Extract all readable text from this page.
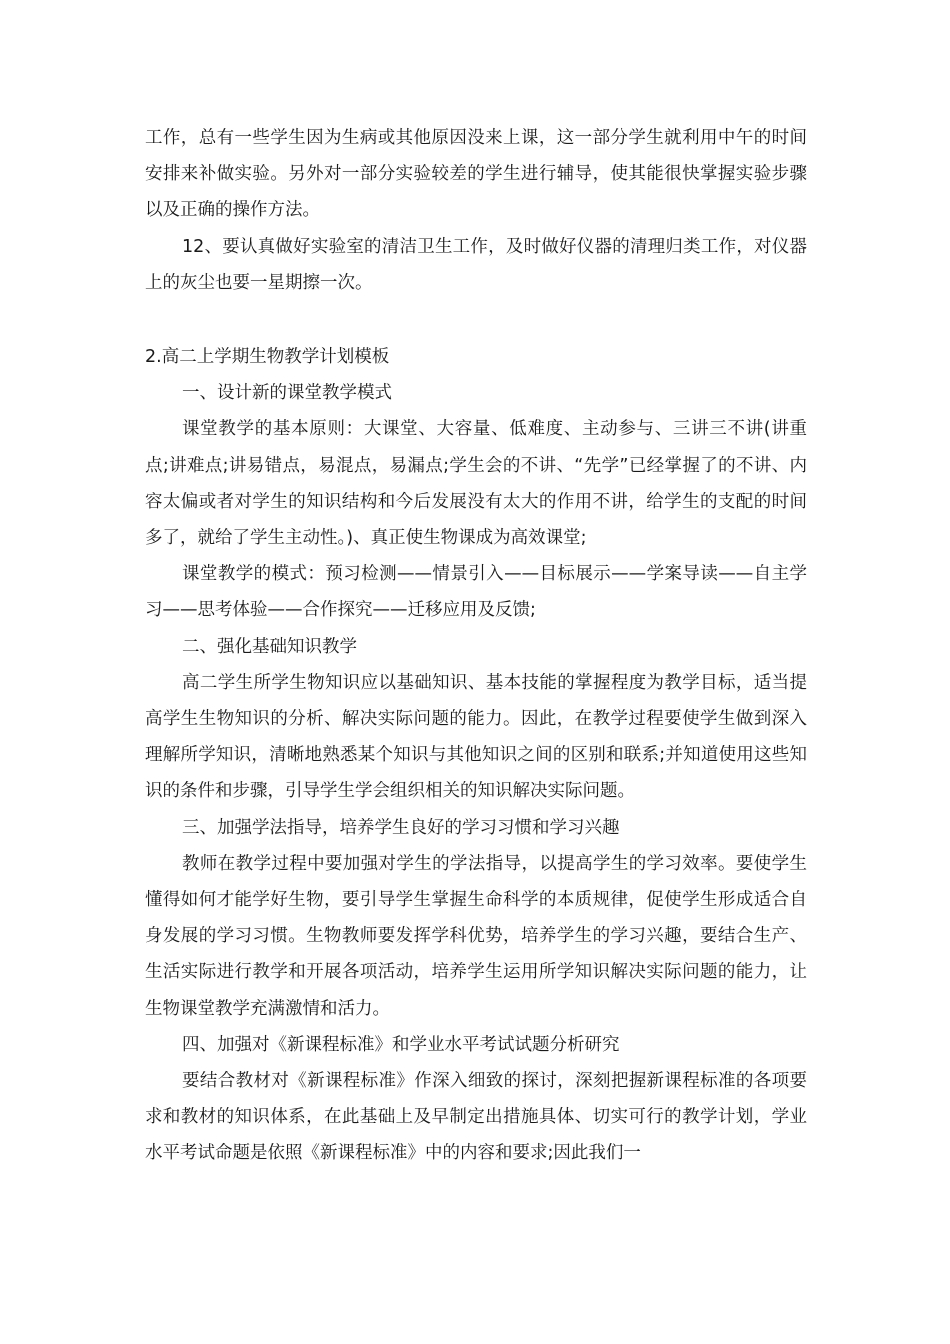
工作，总有一些学生因为生病或其他原因没来上课，这一部分学生就利用中午的时间安排来补做实验。另外对一部分实验较差的学生进行辅导，使其能很快掌握实验步骤以及正确的操作方法。

12、要认真做好实验室的清洁卫生工作，及时做好仪器的清理归类工作，对仪器上的灰尘也要一星期擦一次。

2.高二上学期生物教学计划模板

一、设计新的课堂教学模式

课堂教学的基本原则：大课堂、大容量、低难度、主动参与、三讲三不讲(讲重点;讲难点;讲易错点，易混点，易漏点;学生会的不讲、“先学”已经掌握了的不讲、内容太偏或者对学生的知识结构和今后发展没有太大的作用不讲，给学生的支配的时间多了，就给了学生主动性。)、真正使生物课成为高效课堂;

课堂教学的模式：预习检测——情景引入——目标展示——学案导读——自主学习——思考体验——合作探究——迁移应用及反馈;

二、强化基础知识教学

高二学生所学生物知识应以基础知识、基本技能的掌握程度为教学目标，适当提高学生生物知识的分析、解决实际问题的能力。因此，在教学过程要使学生做到深入理解所学知识，清晰地熟悉某个知识与其他知识之间的区别和联系;并知道使用这些知识的条件和步骤，引导学生学会组织相关的知识解决实际问题。

三、加强学法指导，培养学生良好的学习习惯和学习兴趣

教师在教学过程中要加强对学生的学法指导，以提高学生的学习效率。要使学生懂得如何才能学好生物，要引导学生掌握生命科学的本质规律，促使学生形成适合自身发展的学习习惯。生物教师要发挥学科优势，培养学生的学习兴趣，要结合生产、生活实际进行教学和开展各项活动，培养学生运用所学知识解决实际问题的能力，让生物课堂教学充满激情和活力。

四、加强对《新课程标准》和学业水平考试试题分析研究

要结合教材对《新课程标准》作深入细致的探讨，深刻把握新课程标准的各项要求和教材的知识体系，在此基础上及早制定出措施具体、切实可行的教学计划，学业水平考试命题是依照《新课程标准》中的内容和要求;因此我们一
